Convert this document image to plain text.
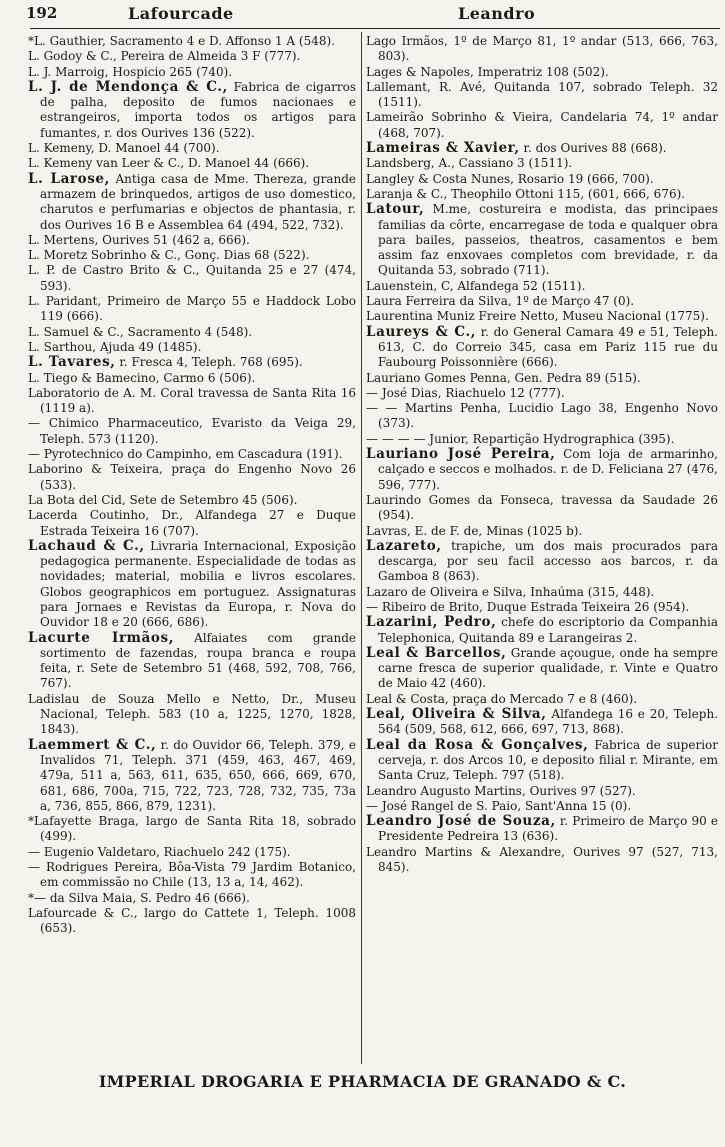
192	Lafourcade	Leandro

*L. Gauthier, Sacramento 4 e D. Affonso 1 A (548).

L. Godoy & C., Pereira de Almeida 3 F (777).

L. J. Marroig, Hospicio 265 (740).

L. J. de Mendonça & C., Fabrica de cigarros de palha, deposito de fumos nacionaes e estrangeiros, importa todos os artigos para fumantes, r. dos Ourives 136 (522).

L. Kemeny, D. Manoel 44 (700).

L. Kemeny van Leer & C., D. Manoel 44 (666).

L. Larose, Antiga casa de Mme. Thereza, grande armazem de brinquedos, artigos de uso domestico, charutos e perfumarias e objectos de phantasia, r. dos Ourives 16 B e Assemblea 64 (494, 522, 732).

L. Mertens, Ourives 51 (462 a, 666).

L. Moretz Sobrinho & C., Gonç. Dias 68 (522).

L. P. de Castro Brito & C., Quitanda 25 e 27 (474, 593).

L. Paridant, Primeiro de Março 55 e Haddock Lobo 119 (666).

L. Samuel & C., Sacramento 4 (548).

L. Sarthou, Ajuda 49 (1485).

L. Tavares, r. Fresca 4, Teleph. 768 (695).

L. Tiego & Bamecino, Carmo 6 (506).

Laboratorio de A. M. Coral travessa de Santa Rita 16 (1119 a).

— Chimico Pharmaceutico, Evaristo da Veiga 29, Teleph. 573 (1120).

— Pyrotechnico do Campinho, em Cascadura (191).

Laborino & Teixeira, praça do Engenho Novo 26 (533).

La Bota del Cid, Sete de Setembro 45 (506).

Lacerda Coutinho, Dr., Alfandega 27 e Duque Estrada Teixeira 16 (707).

Lachaud & C., Livraria Internacional, Exposição pedagogica permanente. Especialidade de todas as novidades; material, mobilia e livros escolares. Globos geographicos em portuguez. Assignaturas para Jornaes e Revistas da Europa, r. Nova do Ouvidor 18 e 20 (666, 686).

Lacurte Irmãos, Alfaiates com grande sortimento de fazendas, roupa branca e roupa feita, r. Sete de Setembro 51 (468, 592, 708, 766, 767).

Ladislau de Souza Mello e Netto, Dr., Museu Nacional, Teleph. 583 (10 a, 1225, 1270, 1828, 1843).

Laemmert & C., r. do Ouvidor 66, Teleph. 379, e Invalidos 71, Teleph. 371 (459, 463, 467, 469, 479a, 511 a, 563, 611, 635, 650, 666, 669, 670, 681, 686, 700a, 715, 722, 723, 728, 732, 735, 73a a, 736, 855, 866, 879, 1231).

*Lafayette Braga, largo de Santa Rita 18, sobrado (499).

— Eugenio Valdetaro, Riachuelo 242 (175).

— Rodrigues Pereira, Bôa-Vista 79 Jardim Botanico, em commissão no Chile (13, 13 a, 14, 462).

*— da Silva Maia, S. Pedro 46 (666).

Lafourcade & C., largo do Cattete 1, Teleph. 1008 (653).

Lago Irmãos, 1º de Março 81, 1º andar (513, 666, 763, 803).

Lages & Napoles, Imperatriz 108 (502).

Lallemant, R. Avé, Quitanda 107, sobrado Teleph. 32 (1511).

Lameirão Sobrinho & Vieira, Candelaria 74, 1º andar (468, 707).

Lameiras & Xavier, r. dos Ourives 88 (668).

Landsberg, A., Cassiano 3 (1511).

Langley & Costa Nunes, Rosario 19 (666, 700).

Laranja & C., Theophilo Ottoni 115, (601, 666, 676).

Latour, M.me, costureira e modista, das principaes familias da côrte, encarregase de toda e qualquer obra para bailes, passeios, theatros, casamentos e bem assim faz enxovaes completos com brevidade, r. da Quitanda 53, sobrado (711).

Lauenstein, C, Alfandega 52 (1511).

Laura Ferreira da Silva, 1º de Março 47 (0).

Laurentina Muniz Freire Netto, Museu Nacional (1775).

Laureys & C., r. do General Camara 49 e 51, Teleph. 613, C. do Correio 345, casa em Pariz 115 rue du Faubourg Poissonnière (666).

Lauriano Gomes Penna, Gen. Pedra 89 (515).

— José Dias, Riachuelo 12 (777).

— — Martins Penha, Lucidio Lago 38, Engenho Novo (373).

— — — — Junior, Repartição Hydrographica (395).

Lauriano José Pereira, Com loja de armarinho, calçado e seccos e molhados. r. de D. Feliciana 27 (476, 596, 777).

Laurindo Gomes da Fonseca, travessa da Saudade 26 (954).

Lavras, E. de F. de, Minas (1025 b).

Lazareto, trapiche, um dos mais procurados para descarga, por seu facil accesso aos barcos, r. da Gamboa 8 (863).

Lazaro de Oliveira e Silva, Inhaúma (315, 448).

— Ribeiro de Brito, Duque Estrada Teixeira 26 (954).

Lazarini, Pedro, chefe do escriptorio da Companhia Telephonica, Quitanda 89 e Larangeiras 2.

Leal & Barcellos, Grande açougue, onde ha sempre carne fresca de superior qualidade, r. Vinte e Quatro de Maio 42 (460).

Leal & Costa, praça do Mercado 7 e 8 (460).

Leal, Oliveira & Silva, Alfandega 16 e 20, Teleph. 564 (509, 568, 612, 666, 697, 713, 868).

Leal da Rosa & Gonçalves, Fabrica de superior cerveja, r. dos Arcos 10, e deposito filial r. Mirante, em Santa Cruz, Teleph. 797 (518).

Leandro Augusto Martins, Ourives 97 (527).

— José Rangel de S. Paio, Sant'Anna 15 (0).

Leandro José de Souza, r. Primeiro de Março 90 e Presidente Pedreira 13 (636).

Leandro Martins & Alexandre, Ourives 97 (527, 713, 845).

IMPERIAL DROGARIA E PHARMACIA DE GRANADO & C.
